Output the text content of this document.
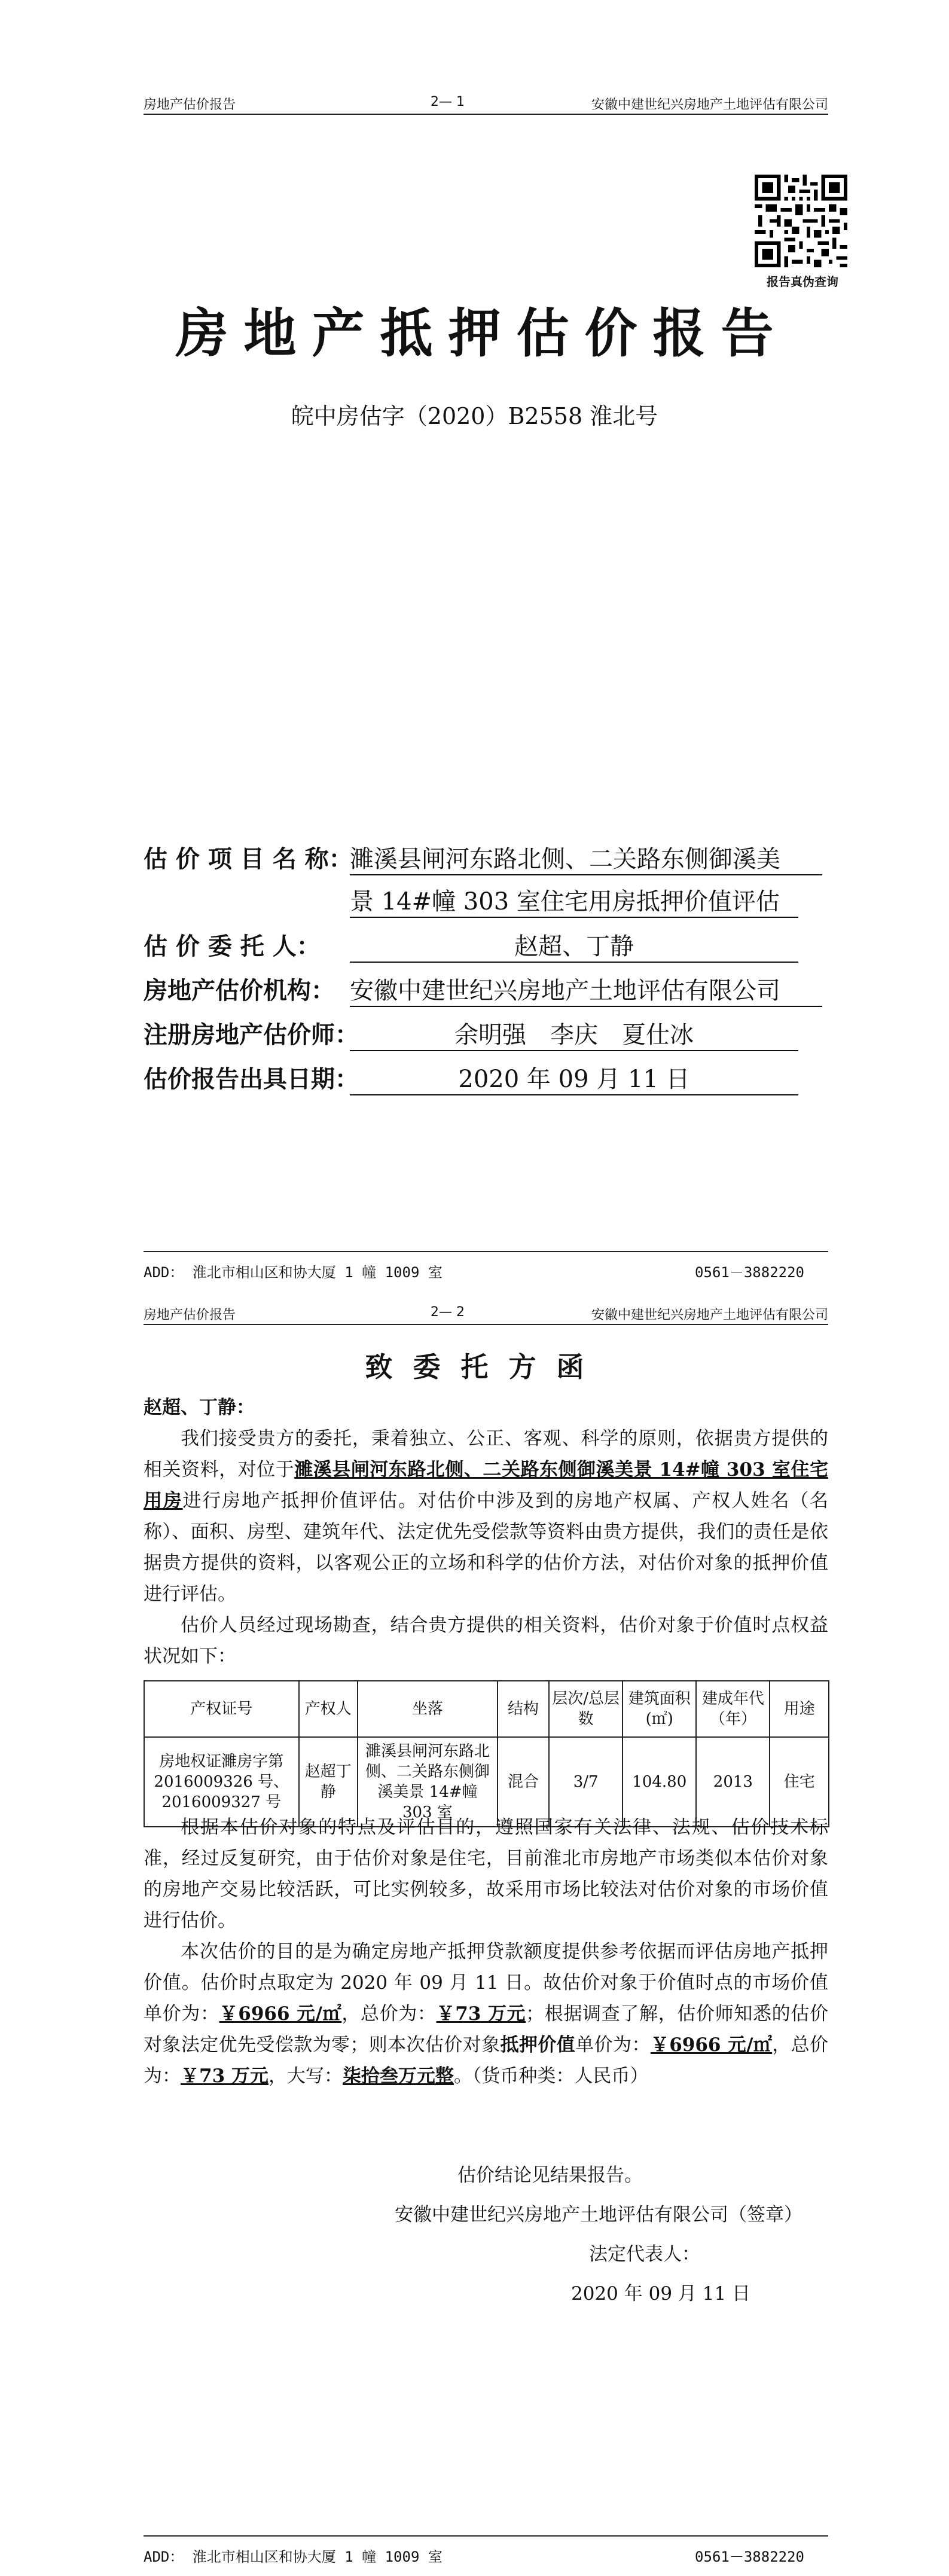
房地产估价报告	2— 1	安徽中建世纪兴房地产土地评估有限公司
报告真伪查询
房地产抵押估价报告
皖中房估字（2020）B2558 淮北号
估 价 项 目 名 称：
濉溪县闸河东路北侧、二关路东侧御溪美
景 14#幢 303 室住宅用房抵押价值评估
估 价 委 托 人：	赵超、丁静
房地产估价机构： 安徽中建世纪兴房地产土地评估有限公司
注册房地产估价师：	余明强　李庆　夏仕冰
估价报告出具日期：	2020 年 09 月 11 日
ADD： 淮北市相山区和协大厦 1 幢 1009 室	0561－3882220
房地产估价报告	2— 2	安徽中建世纪兴房地产土地评估有限公司
致委托方函

赵超、丁静：

我们接受贵方的委托，秉着独立、公正、客观、科学的原则，依据贵方提供的相关资料，对位于濉溪县闸河东路北侧、二关路东侧御溪美景 14#幢 303 室住宅用房进行房地产抵押价值评估。对估价中涉及到的房地产权属、产权人姓名（名称）、面积、房型、建筑年代、法定优先受偿款等资料由贵方提供，我们的责任是依据贵方提供的资料，以客观公正的立场和科学的估价方法，对估价对象的抵押价值进行评估。

估价人员经过现场勘查，结合贵方提供的相关资料，估价对象于价值时点权益状况如下：

产权证号	产权人	坐落	结构	层次/总层数	建筑面积(㎡)	建成年代（年）	用途
房地权证濉房字第 2016009326 号、2016009327 号	赵超丁静	濉溪县闸河东路北侧、二关路东侧御溪美景 14#幢 303 室	混合	3/7	104.80	2013	住宅

根据本估价对象的特点及评估目的，遵照国家有关法律、法规、估价技术标准，经过反复研究，由于估价对象是住宅，目前淮北市房地产市场类似本估价对象的房地产交易比较活跃，可比实例较多，故采用市场比较法对估价对象的市场价值进行估价。

本次估价的目的是为确定房地产抵押贷款额度提供参考依据而评估房地产抵押价值。估价时点取定为 2020 年 09 月 11 日。故估价对象于价值时点的市场价值单价为：￥6966 元/㎡，总价为：￥73 万元；根据调查了解，估价师知悉的估价对象法定优先受偿款为零；则本次估价对象抵押价值单价为：￥6966 元/㎡，总价为：￥73 万元，大写：柒拾叁万元整。（货币种类：人民币）

估价结论见结果报告。
安徽中建世纪兴房地产土地评估有限公司（签章）
法定代表人：
2020 年 09 月 11 日
ADD： 淮北市相山区和协大厦 1 幢 1009 室	0561－3882220
